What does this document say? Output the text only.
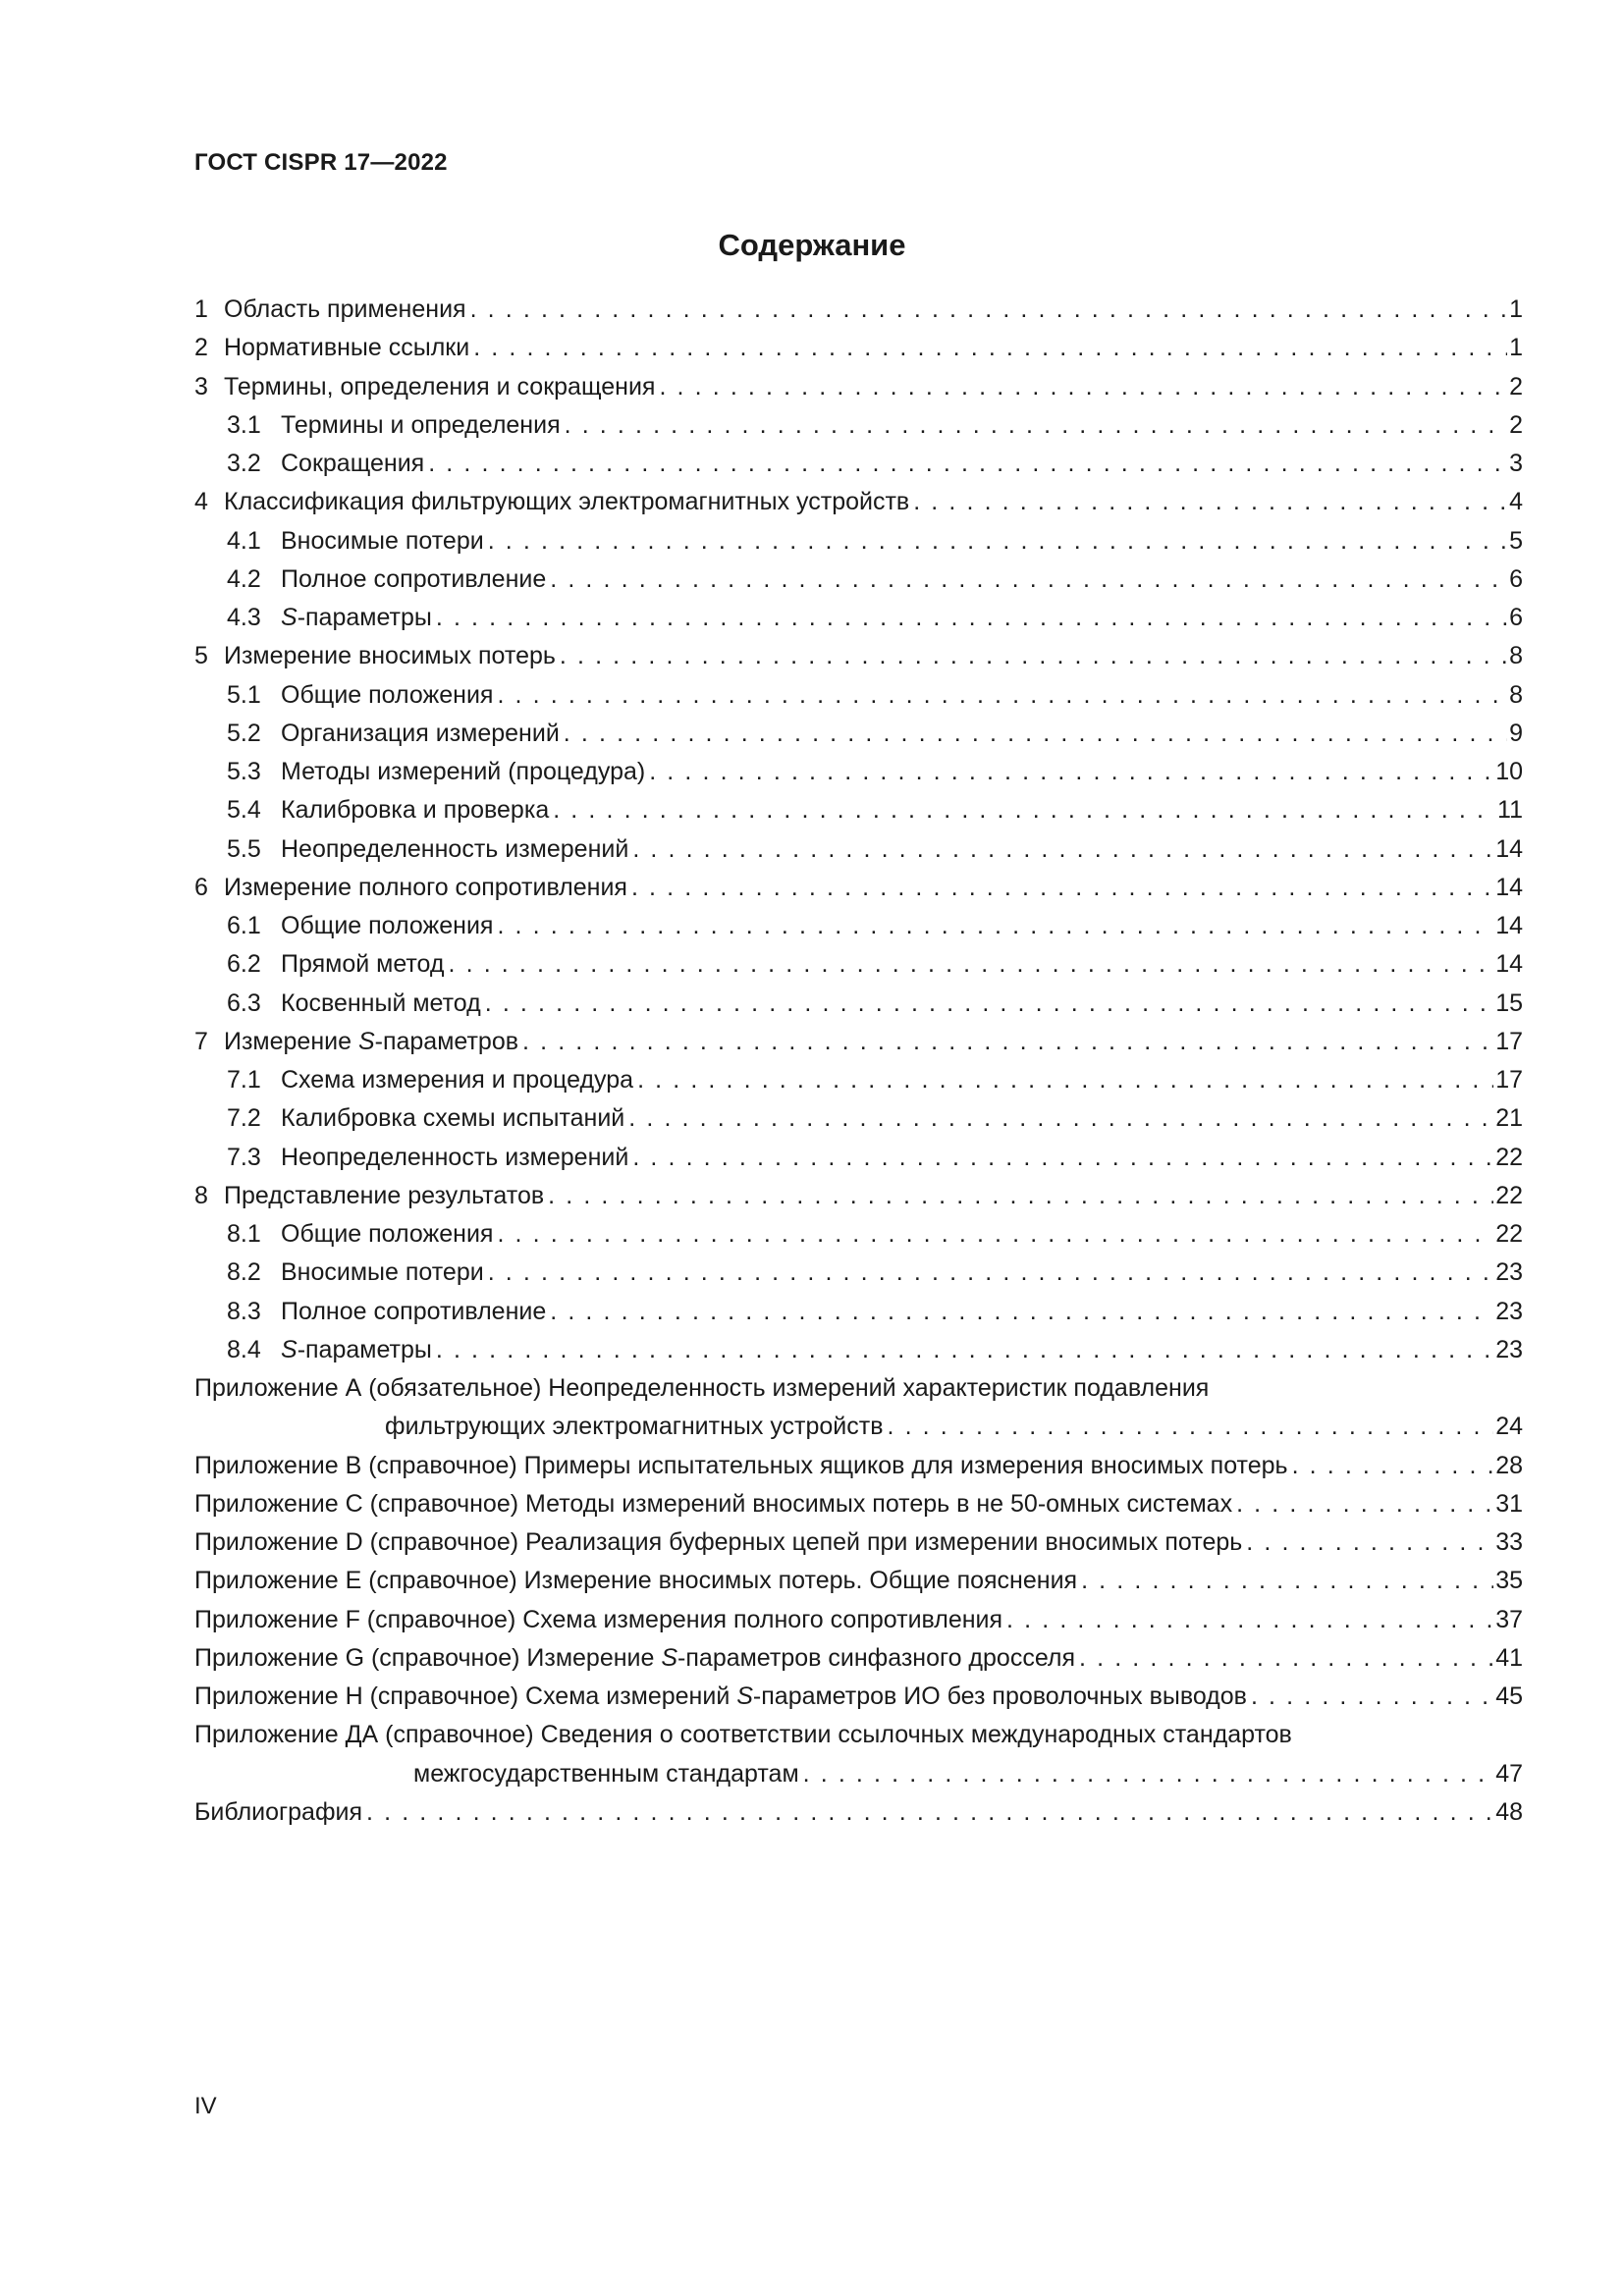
ГОСТ CISPR 17—2022
Содержание
1 Область применения . . .	1
2 Нормативные ссылки . . .	1
3 Термины, определения и сокращения . . .	2
3.1 Термины и определения . . .	2
3.2 Сокращения . . .	3
4 Классификация фильтрующих электромагнитных устройств . . .	4
4.1 Вносимые потери . . .	5
4.2 Полное сопротивление . . .	6
4.3 S-параметры . . .	6
5 Измерение вносимых потерь . . .	8
5.1 Общие положения . . .	8
5.2 Организация измерений . . .	9
5.3 Методы измерений (процедура) . . .	10
5.4 Калибровка и проверка . . .	11
5.5 Неопределенность измерений . . .	14
6 Измерение полного сопротивления . . .	14
6.1 Общие положения . . .	14
6.2 Прямой метод . . .	14
6.3 Косвенный метод . . .	15
7 Измерение S-параметров . . .	17
7.1 Схема измерения и процедура . . .	17
7.2 Калибровка схемы испытаний . . .	21
7.3 Неопределенность измерений . . .	22
8 Представление результатов . . .	22
8.1 Общие положения . . .	22
8.2 Вносимые потери . . .	23
8.3 Полное сопротивление . . .	23
8.4 S-параметры . . .	23
Приложение А (обязательное) Неопределенность измерений характеристик подавления
фильтрующих электромагнитных устройств . . .	24
Приложение В (справочное) Примеры испытательных ящиков для измерения вносимых потерь . . .	28
Приложение С (справочное) Методы измерений вносимых потерь в не 50-омных системах . . .	31
Приложение D (справочное) Реализация буферных цепей при измерении вносимых потерь . . .	33
Приложение Е (справочное) Измерение вносимых потерь. Общие пояснения . . .	35
Приложение F (справочное) Схема измерения полного сопротивления . . .	37
Приложение G (справочное) Измерение S-параметров синфазного дросселя . . .	41
Приложение Н (справочное) Схема измерений S-параметров ИО без проволочных выводов . . .	45
Приложение ДА (справочное) Сведения о соответствии ссылочных международных стандартов
межгосударственным стандартам . . .	47
Библиография . . .	48
IV
